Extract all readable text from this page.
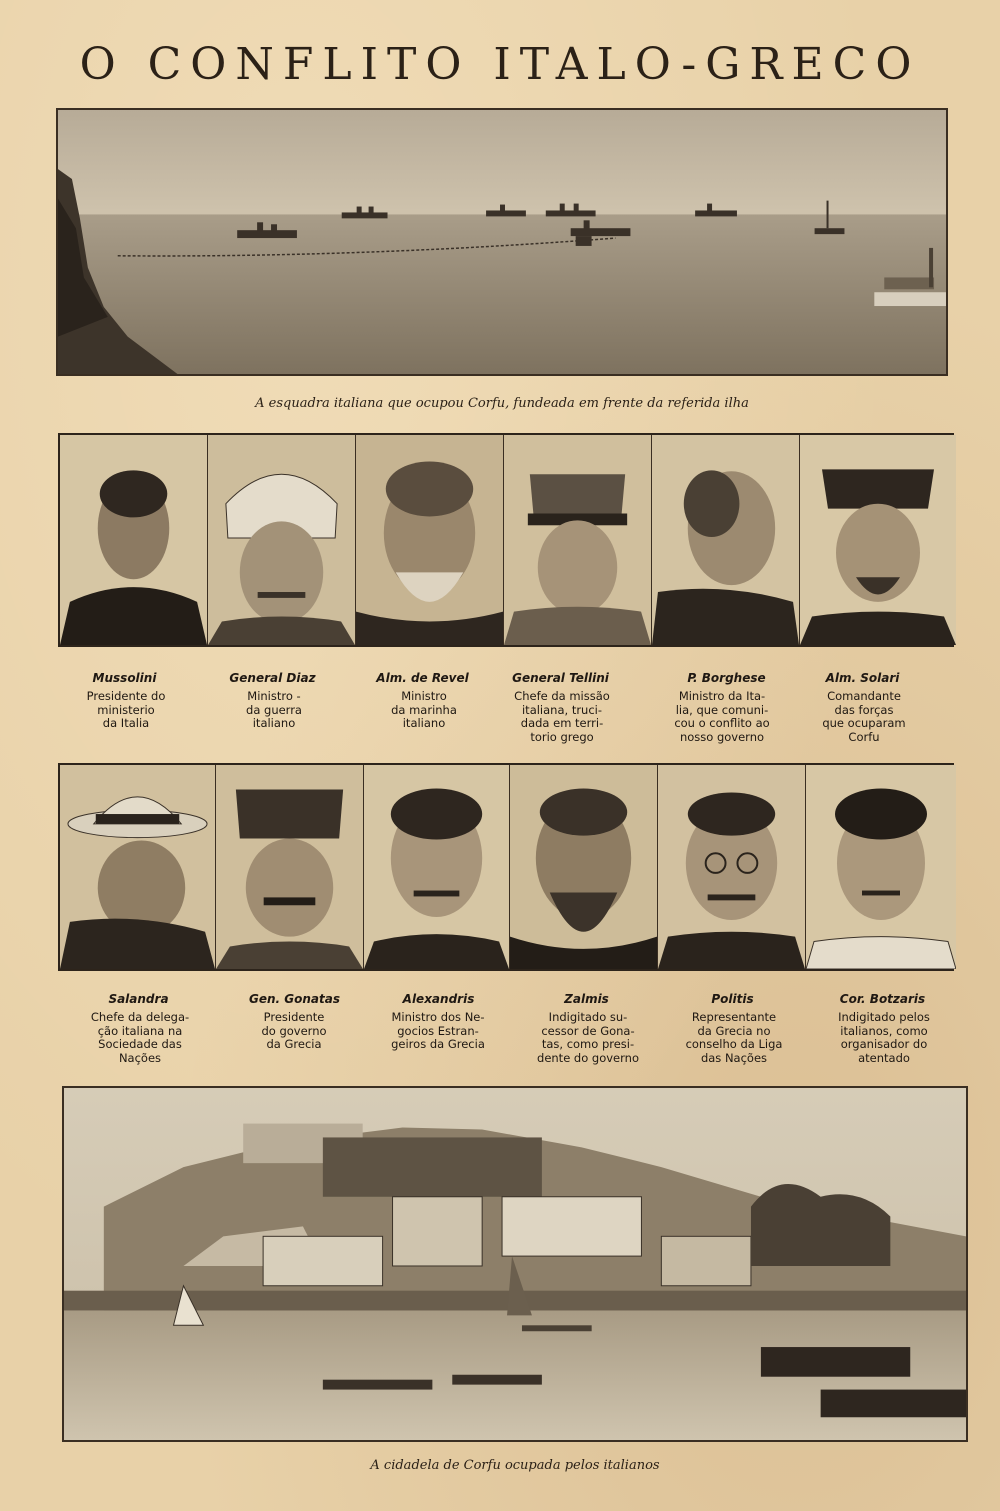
O CONFLITO ITALO-GRECO
A esquadra italiana que ocupou Corfu, fundeada em frente da referida ilha
Mussolini
Presidente do
ministerio
da Italia
General Diaz
Ministro -
da guerra
italiano
Alm. de Revel
Ministro
da marinha
italiano
General Tellini
Chefe da missão
italiana, truci-
dada em terri-
torio grego
P. Borghese
Ministro da Ita-
lia, que comuni-
cou o conflito ao
nosso governo
Alm. Solari
Comandante
das forças
que ocuparam
Corfu
Salandra
Chefe da delega-
ção italiana na
Sociedade das
Nações
Gen. Gonatas
Presidente
do governo
da Grecia
Alexandris
Ministro dos Ne-
gocios Estran-
geiros da Grecia
Zalmis
Indigitado su-
cessor de Gona-
tas, como presi-
dente do governo
Politis
Representante
da Grecia no
conselho da Liga
das Nações
Cor. Botzaris
Indigitado pelos
italianos, como
organisador do
atentado
A cidadela de Corfu ocupada pelos italianos
